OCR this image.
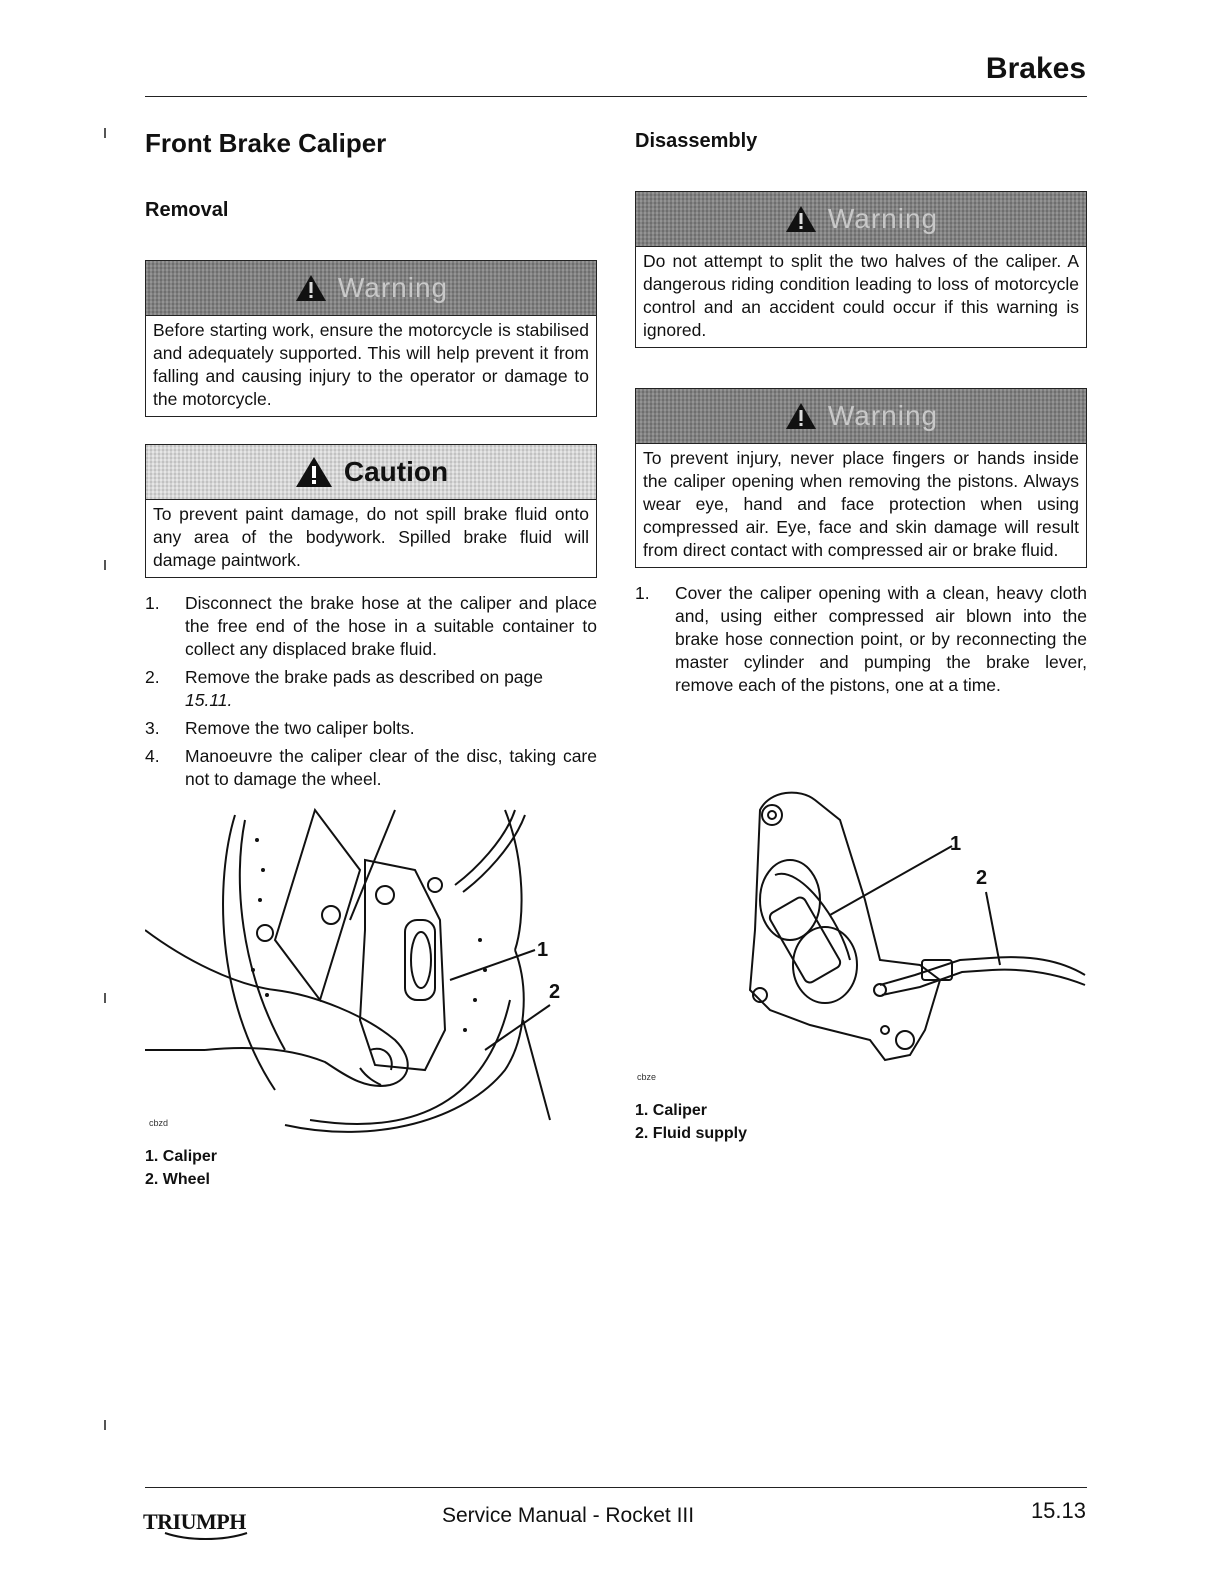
Brakes
Front Brake Caliper
Removal
Warning
Before starting work, ensure the motorcycle is stabilised and adequately supported. This will help prevent it from falling and causing injury to the operator or damage to the motorcycle.
Caution
To prevent paint damage, do not spill brake fluid onto any area of the bodywork. Spilled brake fluid will damage paintwork.
1.	Disconnect the brake hose at the caliper and place the free end of the hose in a suitable container to collect any displaced brake fluid.
2.	Remove the brake pads as described on page
15.11.
3.	Remove the two caliper bolts.
4.	Manoeuvre the caliper clear of the disc, taking care not to damage the wheel.
1
2
cbzd
1. Caliper
2. Wheel
Disassembly
Warning
Do not attempt to split the two halves of the caliper. A dangerous riding condition leading to loss of motorcycle control and an accident could occur if this warning is ignored.
Warning
To prevent injury, never place fingers or hands inside the caliper opening when removing the pistons. Always wear eye, hand and face protection when using compressed air. Eye, face and skin damage will result from direct contact with compressed air or brake fluid.
1.	Cover the caliper opening with a clean, heavy cloth and, using either compressed air blown into the brake hose connection point, or by reconnecting the master cylinder and pumping the brake lever, remove each of the pistons, one at a time.
1
2
cbze
1. Caliper
2. Fluid supply
TRIUMPH	Service Manual - Rocket III	15.13
